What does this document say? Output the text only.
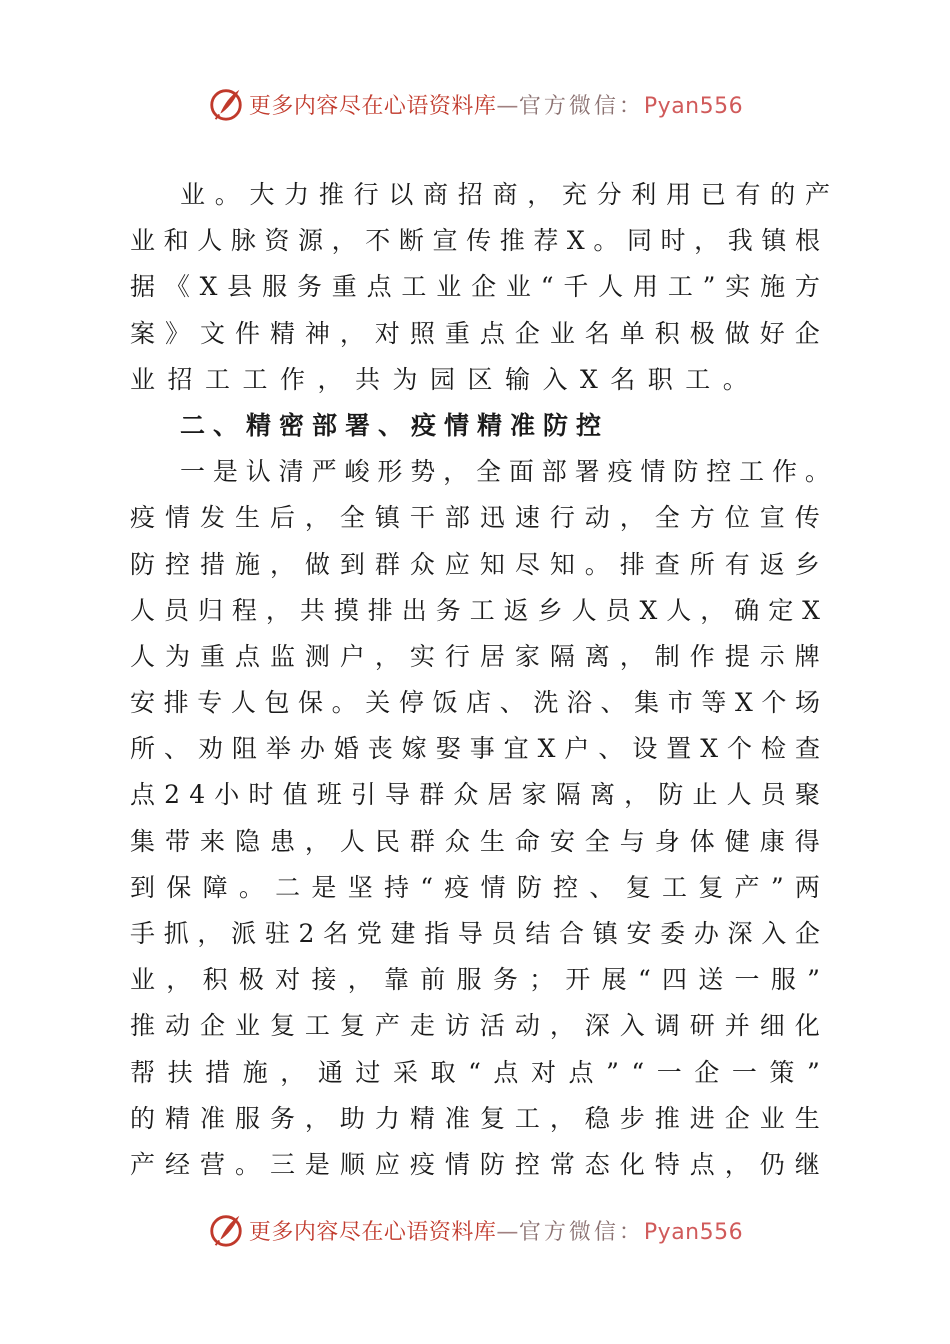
更多内容尽在心语资料库—官方微信：Pyan556
业 。 大 力 推 行 以 商 招 商 ， 充 分 利 用 已 有 的 产
业 和 人 脉 资 源 ， 不 断 宣 传 推 荐 X 。 同 时 ， 我 镇 根
据 《 X 县 服 务 重 点 工 业 企 业 “ 千 人 用 工 ” 实 施 方
案 》 文 件 精 神 ， 对 照 重 点 企 业 名 单 积 极 做 好 企
业招工工作，共为园区输入X名职工。
二、精密部署、疫情精准防控
一 是 认 清 严 峻 形 势 ， 全 面 部 署 疫 情 防 控 工 作 。
疫 情 发 生 后 ， 全 镇 干 部 迅 速 行 动 ， 全 方 位 宣 传
防 控 措 施 ， 做 到 群 众 应 知 尽 知 。 排 查 所 有 返 乡
人 员 归 程 ， 共 摸 排 出 务 工 返 乡 人 员 X 人 ， 确 定 X
人 为 重 点 监 测 户 ， 实 行 居 家 隔 离 ， 制 作 提 示 牌
安 排 专 人 包 保 。 关 停 饭 店 、 洗 浴 、 集 市 等 X 个 场
所 、 劝 阻 举 办 婚 丧 嫁 娶 事 宜 X 户 、 设 置 X 个 检 查
点 2 4 小 时 值 班 引 导 群 众 居 家 隔 离 ， 防 止 人 员 聚
集 带 来 隐 患 ， 人 民 群 众 生 命 安 全 与 身 体 健 康 得
到 保 障 。 二 是 坚 持 “ 疫 情 防 控 、 复 工 复 产 ” 两
手 抓 ， 派 驻 2 名 党 建 指 导 员 结 合 镇 安 委 办 深 入 企
业 ， 积 极 对 接 ， 靠 前 服 务 ； 开 展 “ 四 送 一 服 ”
推 动 企 业 复 工 复 产 走 访 活 动 ， 深 入 调 研 并 细 化
帮 扶 措 施 ， 通 过 采 取 “ 点 对 点 ” “ 一 企 一 策 ”
的 精 准 服 务 ， 助 力 精 准 复 工 ， 稳 步 推 进 企 业 生
产 经 营 。 三 是 顺 应 疫 情 防 控 常 态 化 特 点 ， 仍 继
更多内容尽在心语资料库—官方微信：Pyan556
